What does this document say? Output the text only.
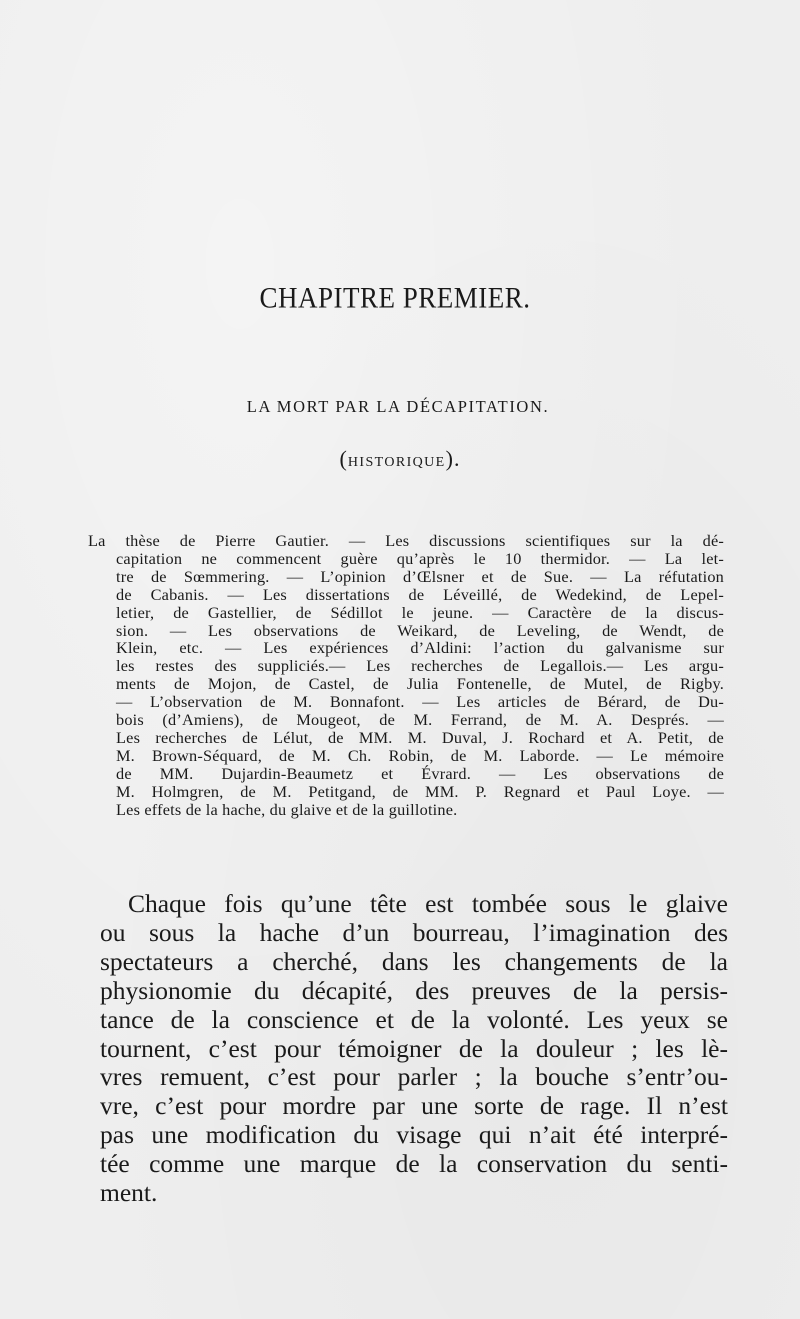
CHAPITRE PREMIER.
LA MORT PAR LA DÉCAPITATION.
(HISTORIQUE).
La thèse de Pierre Gautier. — Les discussions scientifiques sur la dé-
capitation ne commencent guère qu’après le 10 thermidor. — La let-
tre de Sœmmering. — L’opinion d’Œlsner et de Sue. — La réfutation
de Cabanis. — Les dissertations de Léveillé, de Wedekind, de Lepel-
letier, de Gastellier, de Sédillot le jeune. — Caractère de la discus-
sion. — Les observations de Weikard, de Leveling, de Wendt, de
Klein, etc. — Les expériences d’Aldini: l’action du galvanisme sur
les restes des suppliciés.— Les recherches de Legallois.— Les argu-
ments de Mojon, de Castel, de Julia Fontenelle, de Mutel, de Rigby.
— L’observation de M. Bonnafont. — Les articles de Bérard, de Du-
bois (d’Amiens), de Mougeot, de M. Ferrand, de M. A. Després. —
Les recherches de Lélut, de MM. M. Duval, J. Rochard et A. Petit, de
M. Brown-Séquard, de M. Ch. Robin, de M. Laborde. — Le mémoire
de MM. Dujardin-Beaumetz et Évrard. — Les observations de
M. Holmgren, de M. Petitgand, de MM. P. Regnard et Paul Loye. —
Les effets de la hache, du glaive et de la guillotine.
Chaque fois qu’une tête est tombée sous le glaive
ou sous la hache d’un bourreau, l’imagination des
spectateurs a cherché, dans les changements de la
physionomie du décapité, des preuves de la persis-
tance de la conscience et de la volonté. Les yeux se
tournent, c’est pour témoigner de la douleur ; les lè-
vres remuent, c’est pour parler ; la bouche s’entr’ou-
vre, c’est pour mordre par une sorte de rage. Il n’est
pas une modification du visage qui n’ait été interpré-
tée comme une marque de la conservation du senti-
ment.
